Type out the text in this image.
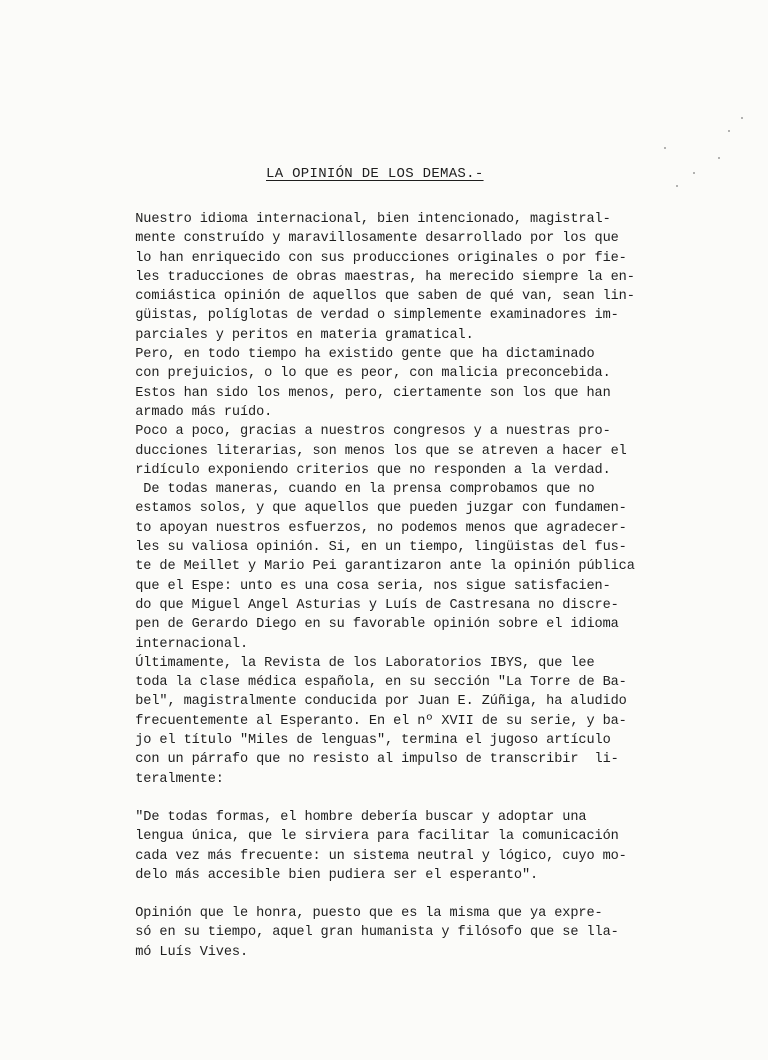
LA OPINIÓN DE LOS DEMAS.-
Nuestro idioma internacional, bien intencionado, magistral-
mente construído y maravillosamente desarrollado por los que
lo han enriquecido con sus producciones originales o por fie-
les traducciones de obras maestras, ha merecido siempre la en-
comiástica opinión de aquellos que saben de qué van, sean lin-
güistas, políglotas de verdad o simplemente examinadores im-
parciales y peritos en materia gramatical.
Pero, en todo tiempo ha existido gente que ha dictaminado
con prejuicios, o lo que es peor, con malicia preconcebida.
Estos han sido los menos, pero, ciertamente son los que han
armado más ruído.
Poco a poco, gracias a nuestros congresos y a nuestras pro-
ducciones literarias, son menos los que se atreven a hacer el
ridículo exponiendo criterios que no responden a la verdad.
De todas maneras, cuando en la prensa comprobamos que no
estamos solos, y que aquellos que pueden juzgar con fundamen-
to apoyan nuestros esfuerzos, no podemos menos que agradecer-
les su valiosa opinión. Si, en un tiempo, lingüistas del fus-
te de Meillet y Mario Pei garantizaron ante la opinión pública
que el Espe: unto es una cosa seria, nos sigue satisfacien-
do que Miguel Angel Asturias y Luís de Castresana no discre-
pen de Gerardo Diego en su favorable opinión sobre el idioma
internacional.
Últimamente, la Revista de los Laboratorios IBYS, que lee
toda la clase médica española, en su sección "La Torre de Ba-
bel", magistralmente conducida por Juan E. Zúñiga, ha aludido
frecuentemente al Esperanto. En el nº XVII de su serie, y ba-
jo el título "Miles de lenguas", termina el jugoso artículo
con un párrafo que no resisto al impulso de transcribir  li-
teralmente:
"De todas formas, el hombre debería buscar y adoptar una
lengua única, que le sirviera para facilitar la comunicación
cada vez más frecuente: un sistema neutral y lógico, cuyo mo-
delo más accesible bien pudiera ser el esperanto".
Opinión que le honra, puesto que es la misma que ya expre-
só en su tiempo, aquel gran humanista y filósofo que se lla-
mó Luís Vives.
